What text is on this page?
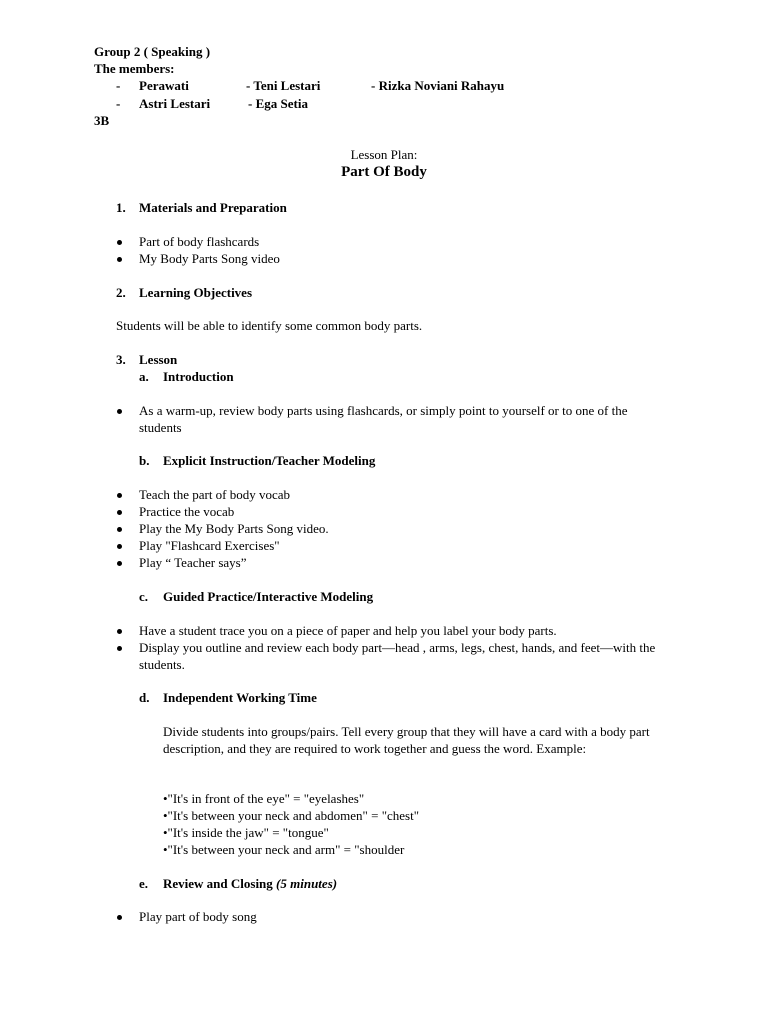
Group 2 ( Speaking )
The members:
- Perawati	- Teni Lestari	- Rizka Noviani Rahayu
- Astri Lestari	- Ega Setia
3B
Lesson Plan:
Part Of Body
1. Materials and Preparation
Part of body flashcards
My Body Parts Song video
2. Learning Objectives
Students will be able to identify some common body parts.
3. Lesson
a. Introduction
As a warm-up, review body parts using flashcards, or simply point to yourself or to one of the students
b. Explicit Instruction/Teacher Modeling
Teach the part of body vocab
Practice the vocab
Play the My Body Parts Song video.
Play "Flashcard Exercises"
Play “ Teacher says”
c. Guided Practice/Interactive Modeling
Have a student trace you on a piece of paper and help you label your body parts.
Display you outline and review each body part—head , arms, legs, chest, hands, and feet—with the students.
d. Independent Working Time
Divide students into groups/pairs. Tell every group that they will have a card with a body part description, and they are required to work together and guess the word. Example:
•"It's in front of the eye" = "eyelashes"
•"It's between your neck and abdomen" = "chest"
•"It's inside the jaw" = "tongue"
•"It's between your neck and arm" = "shoulder
e. Review and Closing (5 minutes)
Play part of body song
